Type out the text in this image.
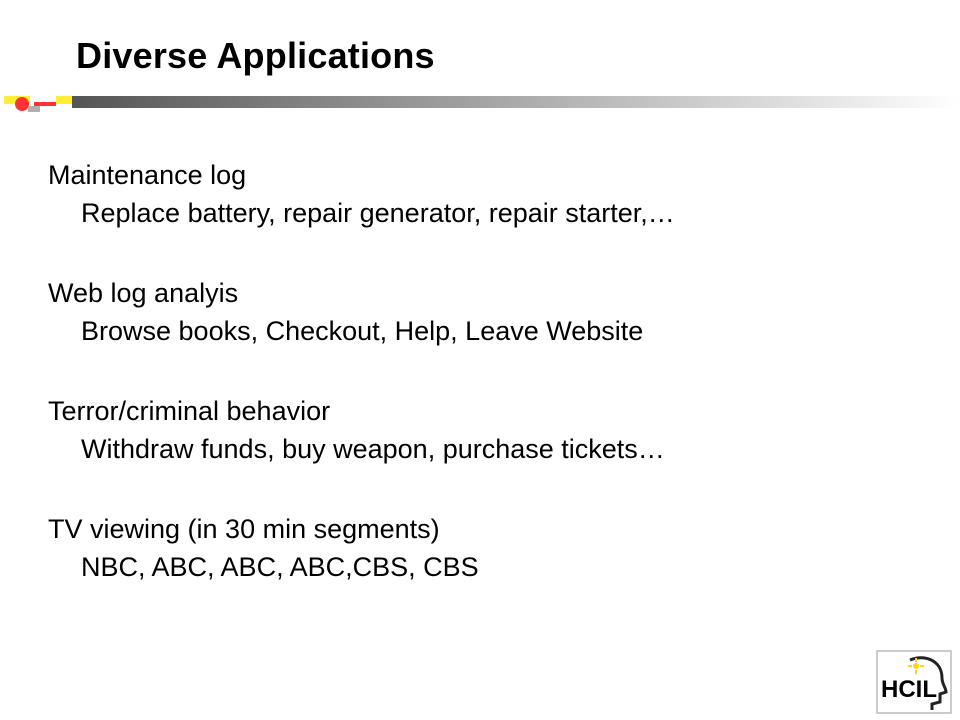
Diverse Applications
Maintenance log
Replace battery, repair generator, repair starter,…
Web log analyis
Browse books, Checkout, Help, Leave Website
Terror/criminal behavior
Withdraw funds, buy weapon, purchase tickets…
TV viewing (in 30 min segments)
NBC, ABC, ABC, ABC,CBS, CBS
HCIL
